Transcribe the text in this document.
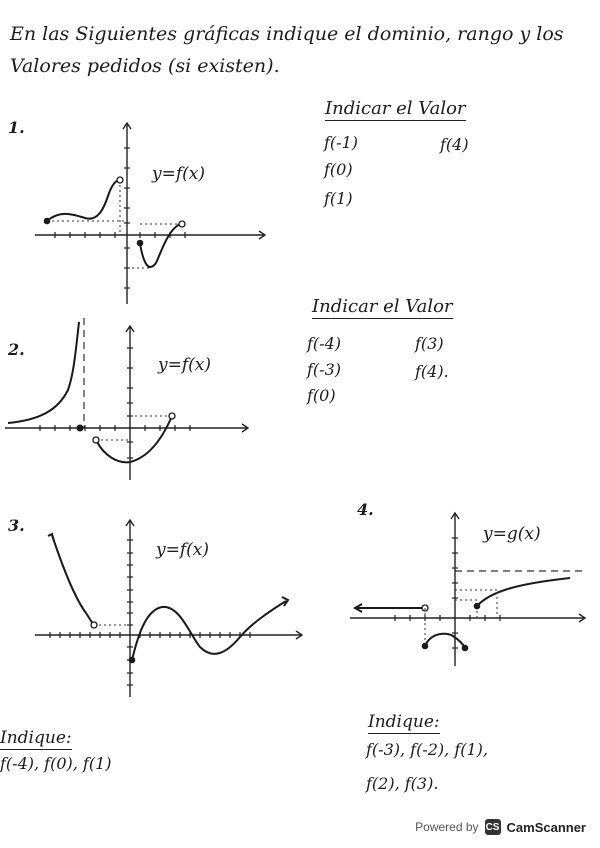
En las Siguientes gráficas indique el dominio, rango y los Valores pedidos (si existen).
1.
y=f(x)
Indicar el Valor
f(-1)
f(0)
f(1)
f(4)
2.
y=f(x)
Indicar el Valor
f(-4)
f(-3)
f(0)
f(3)
f(4).
3.
y=f(x)
Indique:
f(-4), f(0), f(1)
4.
y=g(x)
Indique:
f(-3), f(-2), f(1),
f(2), f(3).
Powered by CS CamScanner
